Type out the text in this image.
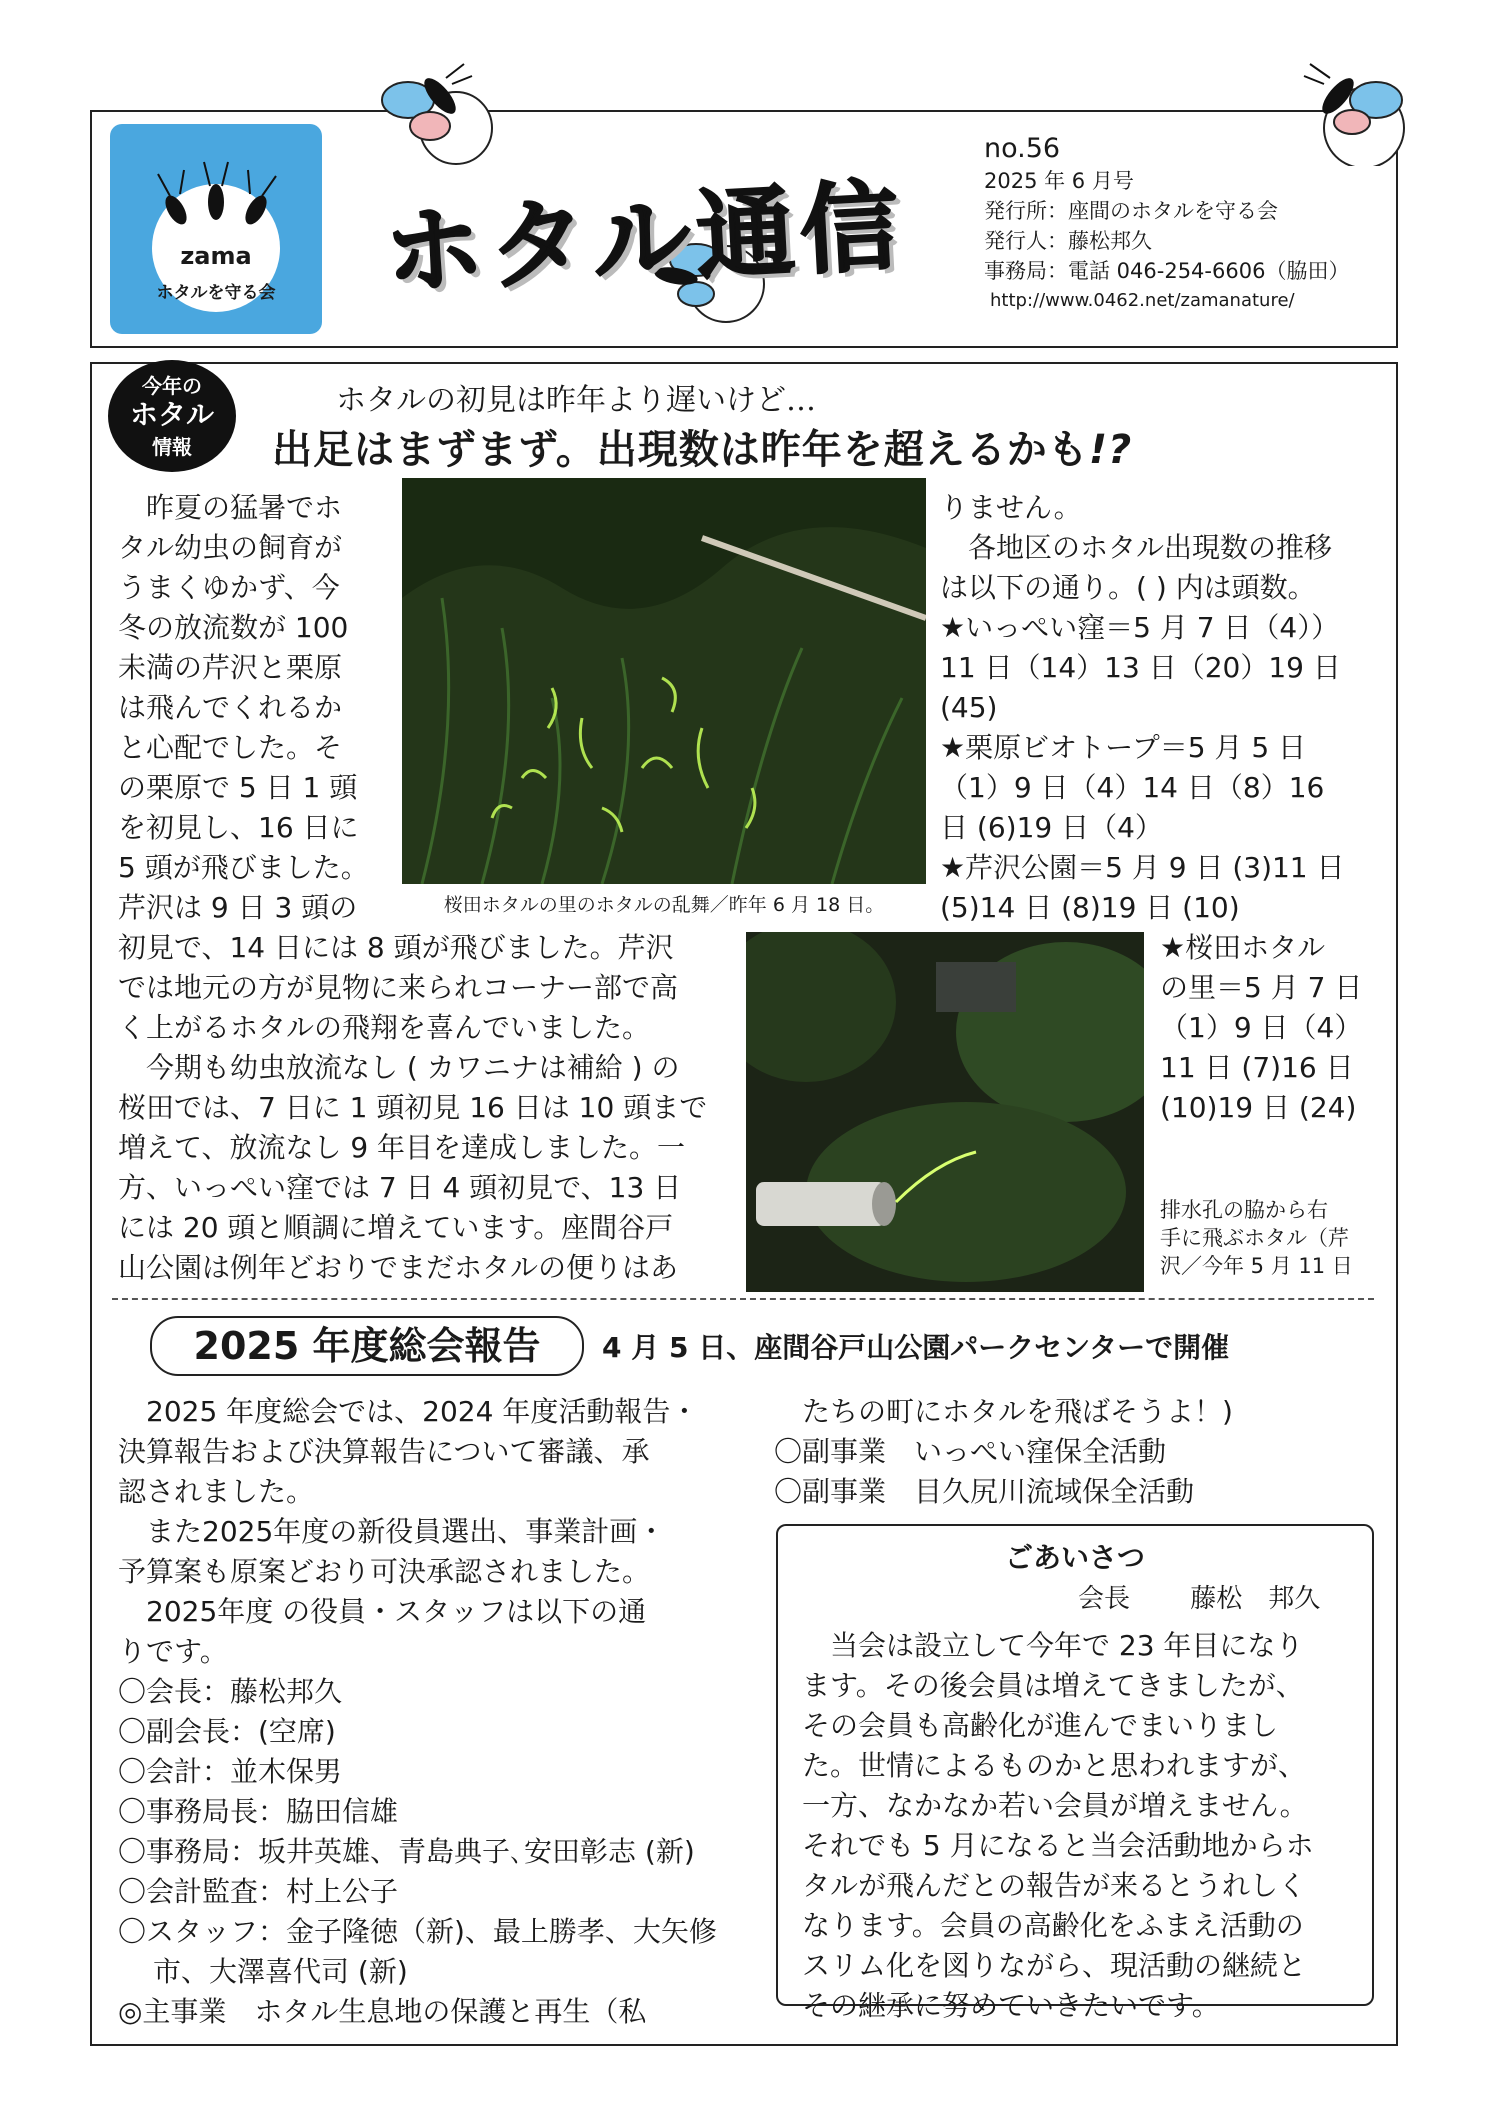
zama
ホタルを守る会	ホタル通信
no.56
2025 年 6 月号
発行所：座間のホタルを守る会
発行人：藤松邦久
事務局：電話 046-254-6606（脇田）
http://www.0462.net/zamanature/
今年の
ホタル
情報
ホタルの初見は昨年より遅いけど…
出足はまずまず。出現数は昨年を超えるかも!?

昨夏の猛暑でホ

タル幼虫の飼育が

うまくゆかず、今

冬の放流数が 100

未満の芹沢と栗原

は飛んでくれるか

と心配でした。そ

の栗原で 5 日 1 頭

を初見し、16 日に

5 頭が飛びました。

芹沢は 9 日 3 頭の

初見で、14 日には 8 頭が飛びました。芹沢

では地元の方が見物に来られコーナー部で高

く上がるホタルの飛翔を喜んでいました。

今期も幼虫放流なし ( カワニナは補給 ) の

桜田では、7 日に 1 頭初見 16 日は 10 頭まで

増えて、放流なし 9 年目を達成しました。一

方、いっぺい窪では 7 日 4 頭初見で、13 日

には 20 頭と順調に増えています。座間谷戸

山公園は例年どおりでまだホタルの便りはあ

桜田ホタルの里のホタルの乱舞／昨年 6 月 18 日。

りません。

各地区のホタル出現数の推移

は以下の通り。( ) 内は頭数。

★いっぺい窪＝5 月 7 日（4））

11 日（14）13 日（20）19 日

(45)

★栗原ビオトープ＝5 月 5 日

（1）9 日（4）14 日（8）16

日 (6)19 日（4）

★芹沢公園＝5 月 9 日 (3)11 日

(5)14 日 (8)19 日 (10)

★桜田ホタル

の里＝5 月 7 日

（1）9 日（4）

11 日 (7)16 日

(10)19 日 (24)

排水孔の脇から右
手に飛ぶホタル（芹
沢／今年 5 月 11 日
2025 年度総会報告	4 月 5 日、座間谷戸山公園パークセンターで開催

2025 年度総会では、2024 年度活動報告・

決算報告および決算報告について審議、承

認されました。

また2025年度の新役員選出、事業計画・

予算案も原案どおり可決承認されました。

2025年度 の役員・スタッフは以下の通

りです。

〇会長：藤松邦久

〇副会長：(空席)

〇会計：並木保男

〇事務局長：脇田信雄

〇事務局：坂井英雄、青島典子､安田彰志 (新)

〇会計監査：村上公子

〇スタッフ：金子隆徳（新)、最上勝孝、大矢修市、大澤喜代司 (新)

◎主事業　ホタル生息地の保護と再生（私

たちの町にホタルを飛ばそうよ！)

〇副事業　いっぺい窪保全活動

〇副事業　目久尻川流域保全活動

ごあいさつ
会長 藤松　邦久

当会は設立して今年で 23 年目になり

ます。その後会員は増えてきましたが、

その会員も高齢化が進んでまいりまし

た。世情によるものかと思われますが、

一方、なかなか若い会員が増えません。

それでも 5 月になると当会活動地からホ

タルが飛んだとの報告が来るとうれしく

なります。会員の高齢化をふまえ活動の

スリム化を図りながら、現活動の継続と

その継承に努めていきたいです。
